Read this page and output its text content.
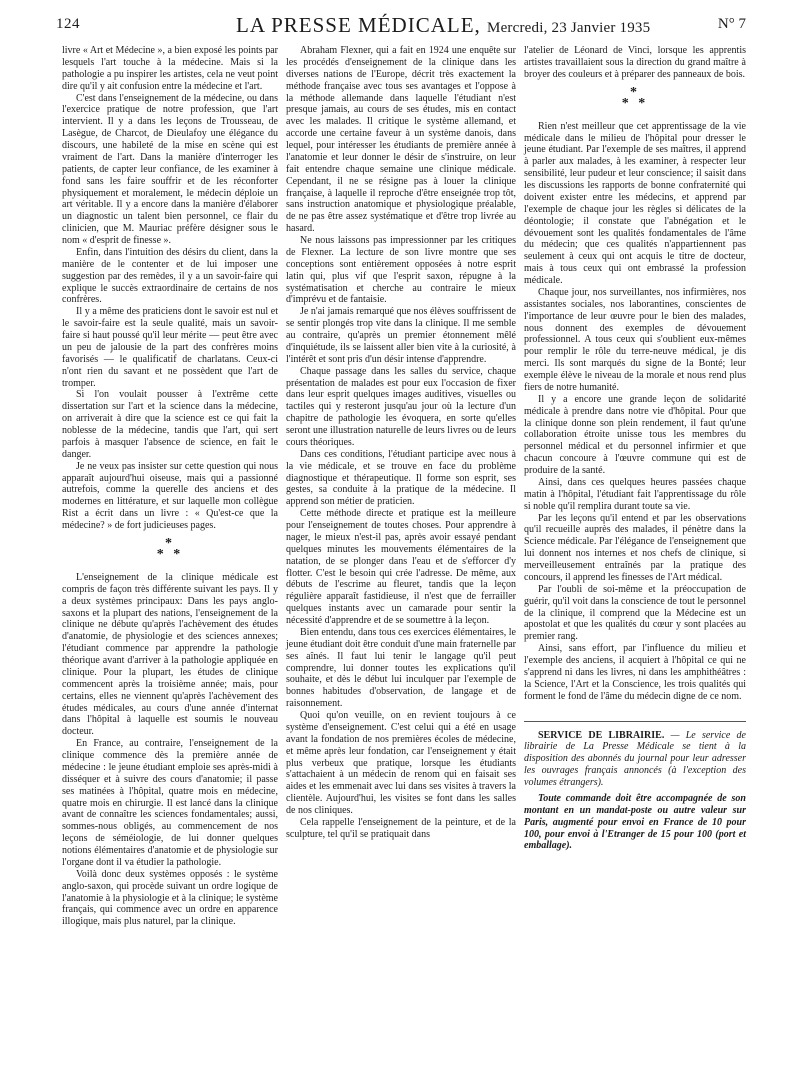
124	LA PRESSE MÉDICALE, Mercredi, 23 Janvier 1935	N° 7

livre « Art et Médecine », a bien exposé les points par lesquels l'art touche à la médecine. Mais si la pathologie a pu inspirer les artistes, cela ne veut point dire qu'il y ait confusion entre la médecine et l'art.

C'est dans l'enseignement de la médecine, ou dans l'exercice pratique de notre profession, que l'art intervient. Il y a dans les leçons de Trousseau, de Lasègue, de Charcot, de Dieulafoy une élégance du discours, une habileté de la mise en scène qui est vraiment de l'art. Dans la manière d'interroger les patients, de capter leur confiance, de les examiner à fond sans les faire souffrir et de les réconforter physiquement et moralement, le médecin déploie un art véritable. Il y a encore dans la manière d'élaborer un diagnostic un talent bien personnel, ce flair du clinicien, que M. Mauriac préfère désigner sous le nom « d'esprit de finesse ».

Enfin, dans l'intuition des désirs du client, dans la manière de le contenter et de lui imposer une suggestion par des remèdes, il y a un savoir-faire qui explique le succès extraordinaire de certains de nos confrères.

Il y a même des praticiens dont le savoir est nul et le savoir-faire est la seule qualité, mais un savoir-faire si haut poussé qu'il leur mérite — peut être avec un peu de jalousie de la part des confrères moins favorisés — le qualificatif de charlatans. Ceux-ci n'ont rien du savant et ne possèdent que l'art de tromper.

Si l'on voulait pousser à l'extrême cette dissertation sur l'art et la science dans la médecine, on arriverait à dire que la science est ce qui fait la noblesse de la médecine, tandis que l'art, qui sert parfois à masquer l'absence de science, en fait le danger.

Je ne veux pas insister sur cette question qui nous apparaît aujourd'hui oiseuse, mais qui a passionné autrefois, comme la querelle des anciens et des modernes en littérature, et sur laquelle mon collègue Rist a écrit dans un livre : « Qu'est-ce que la médecine? » de fort judicieuses pages.

*
* *

L'enseignement de la clinique médicale est compris de façon très différente suivant les pays. Il y a deux systèmes principaux: Dans les pays anglo-saxons et la plupart des nations, l'enseignement de la clinique ne débute qu'après l'achèvement des études d'anatomie, de physiologie et des sciences annexes; l'étudiant commence par apprendre la pathologie théorique avant d'arriver à la pathologie appliquée en clinique. Pour la plupart, les études de clinique commencent après la troisième année; mais, pour certains, elles ne viennent qu'après l'achèvement des études médicales, au cours d'une année d'internat dans l'hôpital à laquelle est soumis le nouveau docteur.

En France, au contraire, l'enseignement de la clinique commence dès la première année de médecine : le jeune étudiant emploie ses après-midi à disséquer et à suivre des cours d'anatomie; il passe ses matinées à l'hôpital, quatre mois en médecine, quatre mois en chirurgie. Il est lancé dans la clinique avant de connaître les sciences fondamentales; aussi, sommes-nous obligés, au commencement de nos leçons de séméiologie, de lui donner quelques notions élémentaires d'anatomie et de physiologie sur l'organe dont il va étudier la pathologie.

Voilà donc deux systèmes opposés : le système anglo-saxon, qui procède suivant un ordre logique de l'anatomie à la physiologie et à la clinique; le système français, qui commence avec un ordre en apparence illogique, mais plus naturel, par la clinique.

Abraham Flexner, qui a fait en 1924 une enquête sur les procédés d'enseignement de la clinique dans les diverses nations de l'Europe, décrit très exactement la méthode française avec tous ses avantages et l'oppose à la méthode allemande dans laquelle l'étudiant n'est presque jamais, au cours de ses études, mis en contact avec les malades. Il critique le système allemand, et accorde une certaine faveur à un système danois, dans lequel, pour intéresser les étudiants de première année à l'anatomie et leur donner le désir de s'instruire, on leur fait entendre chaque semaine une clinique médicale. Cependant, il ne se résigne pas à louer la clinique française, à laquelle il reproche d'être enseignée trop tôt, sans instruction anatomique et physiologique préalable, de ne pas être assez systématique et d'être trop livrée au hasard.

Ne nous laissons pas impressionner par les critiques de Flexner. La lecture de son livre montre que ses conceptions sont entièrement opposées à notre esprit latin qui, plus vif que l'esprit saxon, répugne à la systématisation et cherche au contraire le mieux d'imprévu et de fantaisie.

Je n'ai jamais remarqué que nos élèves souffrissent de se sentir plongés trop vite dans la clinique. Il me semble au contraire, qu'après un premier étonnement mêlé d'inquiétude, ils se laissent aller bien vite à la curiosité, à l'intérêt et sont pris d'un désir intense d'apprendre.

Chaque passage dans les salles du service, chaque présentation de malades est pour eux l'occasion de fixer dans leur esprit quelques images auditives, visuelles ou tactiles qui y resteront jusqu'au jour où la lecture d'un chapitre de pathologie les évoquera, en sorte qu'elles seront une illustration naturelle de leurs livres ou de leurs cours théoriques.

Dans ces conditions, l'étudiant participe avec nous à la vie médicale, et se trouve en face du problème diagnostique et thérapeutique. Il forme son esprit, ses gestes, sa conduite à la pratique de la médecine. Il apprend son métier de praticien.

Cette méthode directe et pratique est la meilleure pour l'enseignement de toutes choses. Pour apprendre à nager, le mieux n'est-il pas, après avoir essayé pendant quelques minutes les mouvements élémentaires de la natation, de se plonger dans l'eau et de s'efforcer d'y flotter. C'est le besoin qui crée l'adresse. De même, aux débuts de l'escrime au fleuret, tandis que la leçon régulière apparaît fastidieuse, il n'est que de ferrailler quelques instants avec un camarade pour sentir la nécessité d'apprendre et de se soumettre à la leçon.

Bien entendu, dans tous ces exercices élémentaires, le jeune étudiant doit être conduit d'une main fraternelle par ses aînés. Il faut lui tenir le langage qu'il peut comprendre, lui donner toutes les explications qu'il souhaite, et dès le début lui inculquer par l'exemple de bonnes habitudes d'observation, de langage et de raisonnement.

Quoi qu'on veuille, on en revient toujours à ce système d'enseignement. C'est celui qui a été en usage avant la fondation de nos premières écoles de médecine, et même après leur fondation, car l'enseignement y était plus verbeux que pratique, lorsque les étudiants s'attachaient à un médecin de renom qui en faisait ses aides et les emmenait avec lui dans ses visites à travers la clientèle. Aujourd'hui, les visites se font dans les salles de nos cliniques.

Cela rappelle l'enseignement de la peinture, et de la sculpture, tel qu'il se pratiquait dans

l'atelier de Léonard de Vinci, lorsque les apprentis artistes travaillaient sous la direction du grand maître à broyer des couleurs et à préparer des panneaux de bois.

*
* *

Rien n'est meilleur que cet apprentissage de la vie médicale dans le milieu de l'hôpital pour dresser le jeune étudiant. Par l'exemple de ses maîtres, il apprend à parler aux malades, à les examiner, à respecter leur sensibilité, leur pudeur et leur conscience; il saisit dans les discussions les rapports de bonne confraternité qui doivent exister entre les médecins, et apprend par l'exemple de chaque jour les règles si délicates de la déontologie; il constate que l'abnégation et le dévouement sont les qualités fondamentales de l'âme du médecin; que ces qualités n'appartiennent pas seulement à ceux qui ont acquis le titre de docteur, mais à tous ceux qui ont embrassé la profession médicale.

Chaque jour, nos surveillantes, nos infirmières, nos assistantes sociales, nos laborantines, conscientes de l'importance de leur œuvre pour le bien des malades, nous donnent des exemples de dévouement professionnel. A tous ceux qui s'oublient eux-mêmes pour remplir le rôle du terre-neuve médical, je dis merci. Ils sont marqués du signe de la Bonté; leur exemple élève le niveau de la morale et nous rend plus fiers de notre humanité.

Il y a encore une grande leçon de solidarité médicale à prendre dans notre vie d'hôpital. Pour que la clinique donne son plein rendement, il faut qu'une collaboration étroite unisse tous les membres du personnel médical et du personnel infirmier et que chacun concoure à l'œuvre commune qui est de produire de la santé.

Ainsi, dans ces quelques heures passées chaque matin à l'hôpital, l'étudiant fait l'apprentissage du rôle si noble qu'il remplira durant toute sa vie.

Par les leçons qu'il entend et par les observations qu'il recueille auprès des malades, il pénètre dans la Science médicale. Par l'élégance de l'enseignement que lui donnent nos internes et nos chefs de clinique, si merveilleusement entraînés par la pratique des concours, il apprend les finesses de l'Art médical.

Par l'oubli de soi-même et la préoccupation de guérir, qu'il voit dans la conscience de tout le personnel de la clinique, il comprend que la Médecine est un apostolat et que les qualités du cœur y sont placées au premier rang.

Ainsi, sans effort, par l'influence du milieu et l'exemple des anciens, il acquiert à l'hôpital ce qui ne s'apprend ni dans les livres, ni dans les amphithéâtres : la Science, l'Art et la Conscience, les trois qualités qui forment le fond de l'âme du médecin digne de ce nom.

SERVICE DE LIBRAIRIE. — Le service de librairie de La Presse Médicale se tient à la disposition des abonnés du journal pour leur adresser les ouvrages français annoncés (à l'exception des volumes étrangers).

Toute commande doit être accompagnée de son montant en un mandat-poste ou autre valeur sur Paris, augmenté pour envoi en France de 10 pour 100, pour envoi à l'Etranger de 15 pour 100 (port et emballage).
